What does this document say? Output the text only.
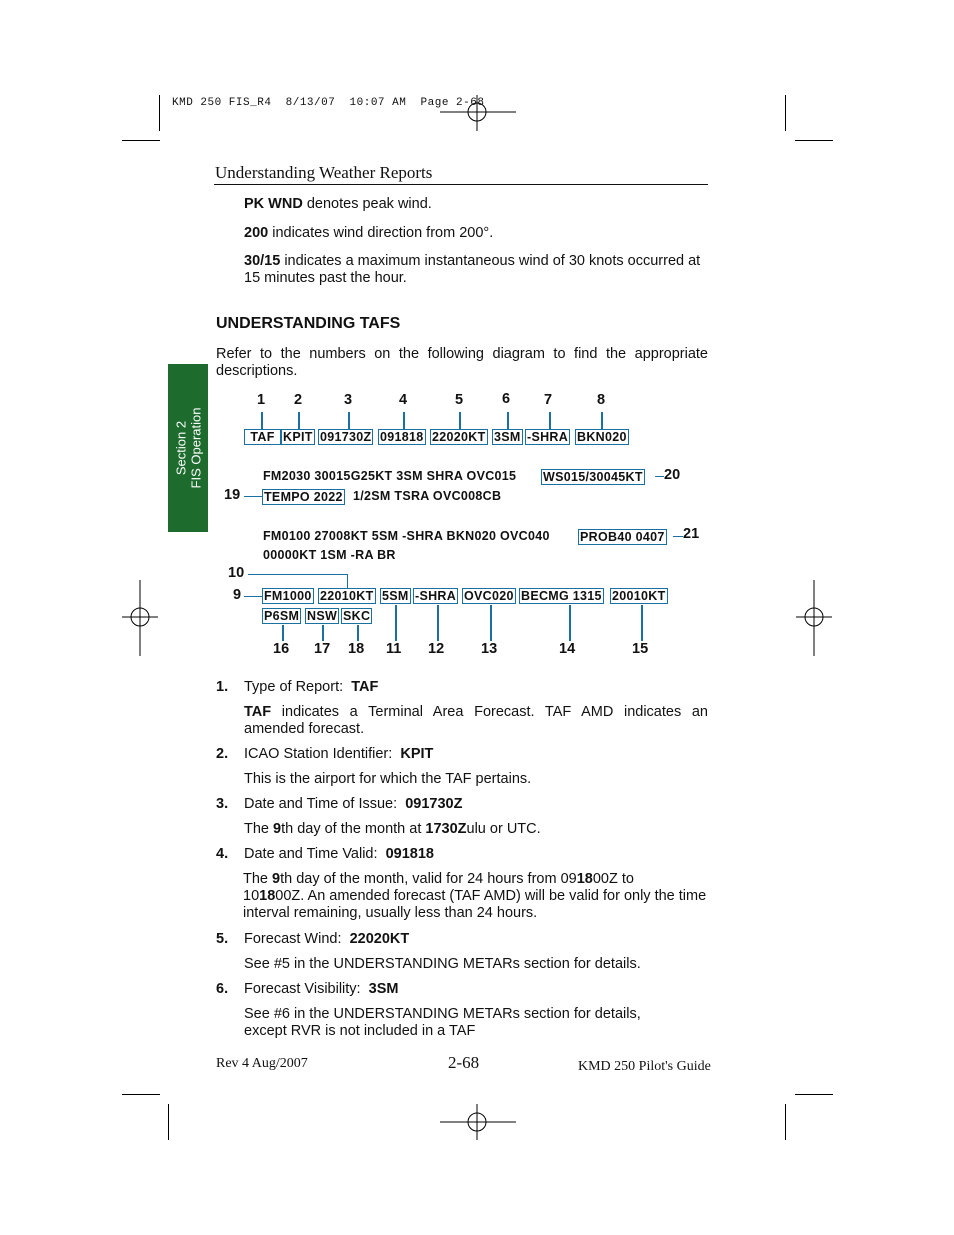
KMD 250 FIS_R4  8/13/07  10:07 AM  Page 2-68
Understanding Weather Reports
Section 2
FIS Operation
PK WND denotes peak wind.
200 indicates wind direction from 200°.
30/15 indicates a maximum instantaneous wind of 30 knots occurred at 15 minutes past the hour.
UNDERSTANDING TAFS
Refer to the numbers on the following diagram to find the appropriate descriptions.
1 2	3	4	5	6 7	8
TAF KPIT 091730Z 091818 22020KT 3SM -SHRA BKN020
FM2030 30015G25KT 3SM SHRA OVC015 WS015/30045KT 20
19 TEMPO 2022 1/2SM TSRA OVC008CB
FM0100 27008KT 5SM -SHRA BKN020 OVC040 PROB40 0407 21
00000KT 1SM -RA BR
10
9 FM1000 22010KT 5SM -SHRA OVC020 BECMG 1315 20010KT
P6SM NSW SKC
16 17 18 11 12	13	14	15
1. Type of Report:  TAF
TAF indicates a Terminal Area Forecast. TAF AMD indicates an amended forecast.
2. ICAO Station Identifier:  KPIT
This is the airport for which the TAF pertains.
3. Date and Time of Issue:  091730Z
The 9th day of the month at 1730Zulu or UTC.
4. Date and Time Valid:  091818
The 9th day of the month, valid for 24 hours from 091800Z to
101800Z. An amended forecast (TAF AMD) will be valid for only the time interval remaining, usually less than 24 hours.
5. Forecast Wind:  22020KT
See #5 in the UNDERSTANDING METARs section for details.
6. Forecast Visibility:  3SM
See #6 in the UNDERSTANDING METARs section for details, except RVR is not included in a TAF
Rev 4 Aug/2007	2-68	KMD 250 Pilot's Guide
